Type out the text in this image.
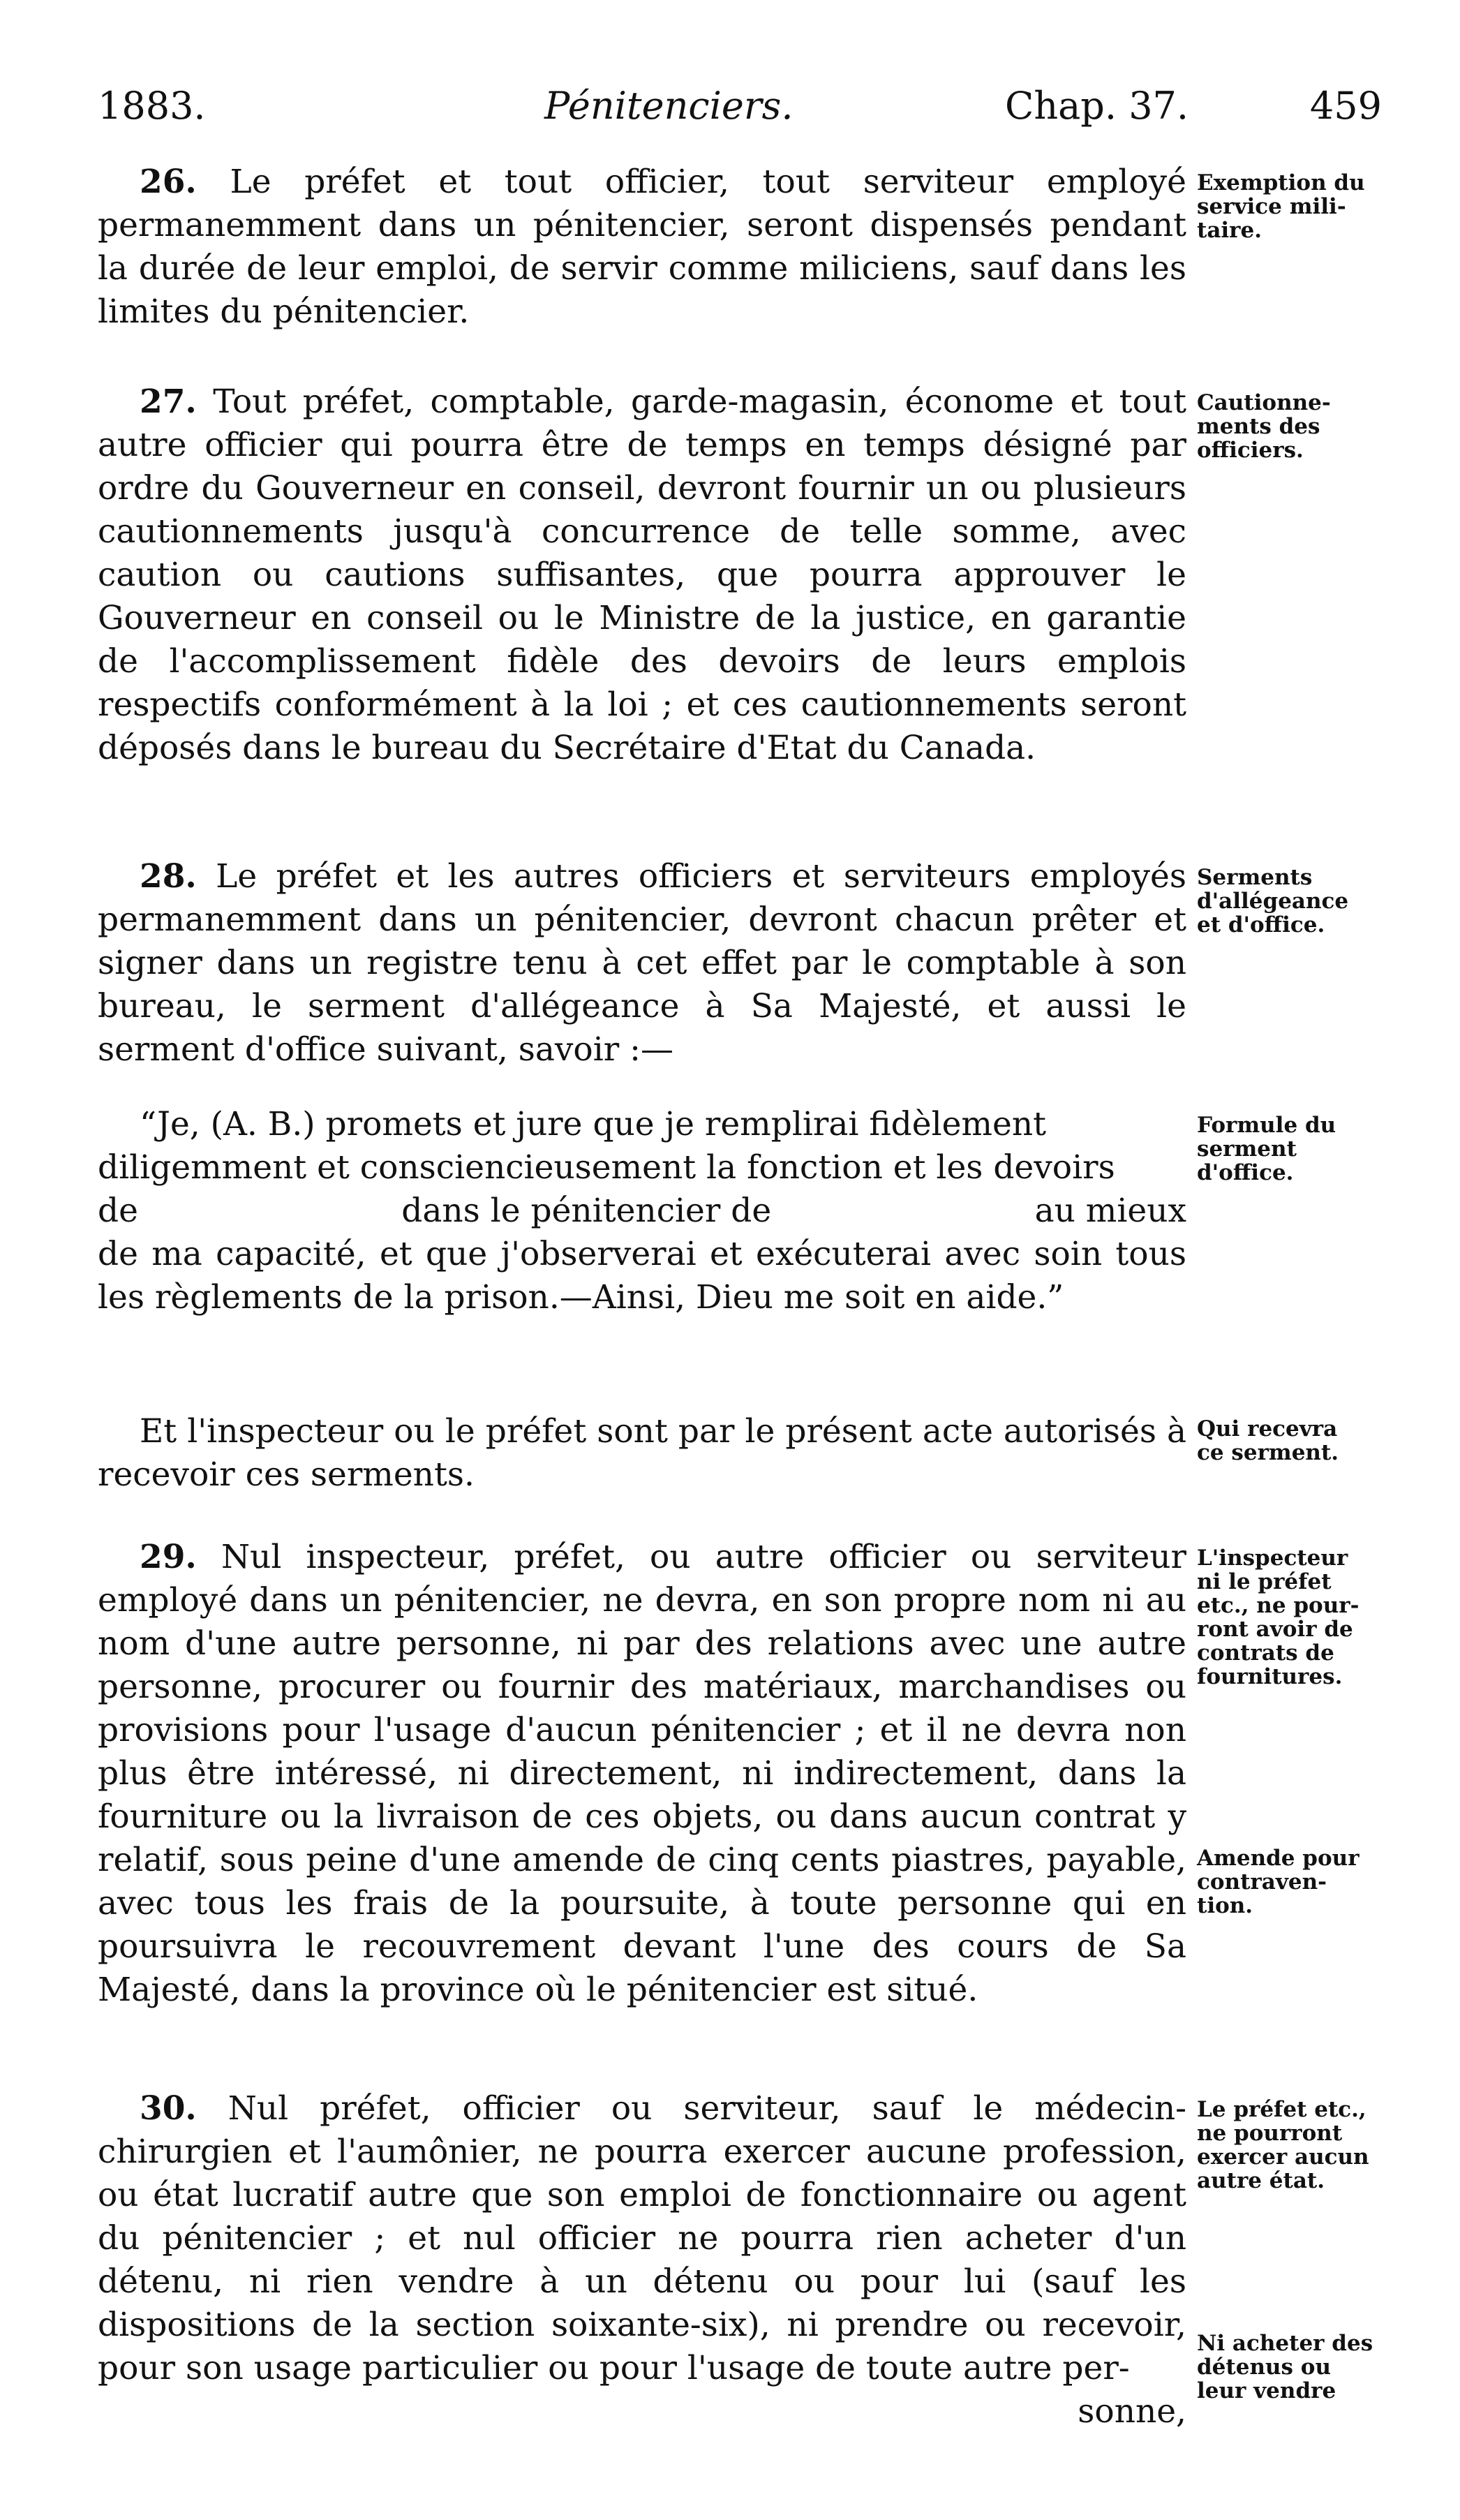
1883.	Pénitenciers.	Chap. 37.	459

26. Le préfet et tout officier, tout serviteur employé permanemment dans un pénitencier, seront dispensés pendant la durée de leur emploi, de servir comme miliciens, sauf dans les limites du pénitencier.

Exemption du
service mili-
taire.

27. Tout préfet, comptable, garde-magasin, économe et tout autre officier qui pourra être de temps en temps désigné par ordre du Gouverneur en conseil, devront fournir un ou plusieurs cautionnements jusqu'à concurrence de telle somme, avec caution ou cautions suffisantes, que pourra approuver le Gouverneur en conseil ou le Ministre de la justice, en garantie de l'accomplissement fidèle des devoirs de leurs emplois respectifs conformément à la loi ; et ces cautionnements seront déposés dans le bureau du Secrétaire d'Etat du Canada.

Cautionne-
ments des
officiers.

28. Le préfet et les autres officiers et serviteurs employés permanemment dans un pénitencier, devront chacun prêter et signer dans un registre tenu à cet effet par le comptable à son bureau, le serment d'allégeance à Sa Majesté, et aussi le serment d'office suivant, savoir :—

Serments
d'allégeance
et d'office.
“Je, (A. B.) promets et jure que je remplirai fidèlement
diligemment et consciencieusement la fonction et les devoirs
de	dans le pénitencier de	au mieux
de ma capacité, et que j'observerai et exécuterai avec soin tous les règlements de la prison.—Ainsi, Dieu me soit en aide.”
Formule du
serment
d'office.

Et l'inspecteur ou le préfet sont par le présent acte autorisés à recevoir ces serments.

Qui recevra
ce serment.

29. Nul inspecteur, préfet, ou autre officier ou serviteur employé dans un pénitencier, ne devra, en son propre nom ni au nom d'une autre personne, ni par des relations avec une autre personne, procurer ou fournir des matériaux, marchandises ou provisions pour l'usage d'aucun pénitencier ; et il ne devra non plus être intéressé, ni directement, ni indirectement, dans la fourniture ou la livraison de ces objets, ou dans aucun contrat y relatif, sous peine d'une amende de cinq cents piastres, payable, avec tous les frais de la poursuite, à toute personne qui en poursuivra le recouvrement devant l'une des cours de Sa Majesté, dans la province où le pénitencier est situé.

L'inspecteur
ni le préfet
etc., ne pour-
ront avoir de
contrats de
fournitures.
Amende pour
contraven-
tion.

30. Nul préfet, officier ou serviteur, sauf le médecin-chirurgien et l'aumônier, ne pourra exercer aucune profession, ou état lucratif autre que son emploi de fonctionnaire ou agent du pénitencier ; et nul officier ne pourra rien acheter d'un détenu, ni rien vendre à un détenu ou pour lui (sauf les dispositions de la section soixante-six), ni prendre ou recevoir, pour son usage particulier ou pour l'usage de toute autre per-

sonne,
Le préfet etc.,
ne pourront
exercer aucun
autre état.
Ni acheter des
détenus ou
leur vendre
